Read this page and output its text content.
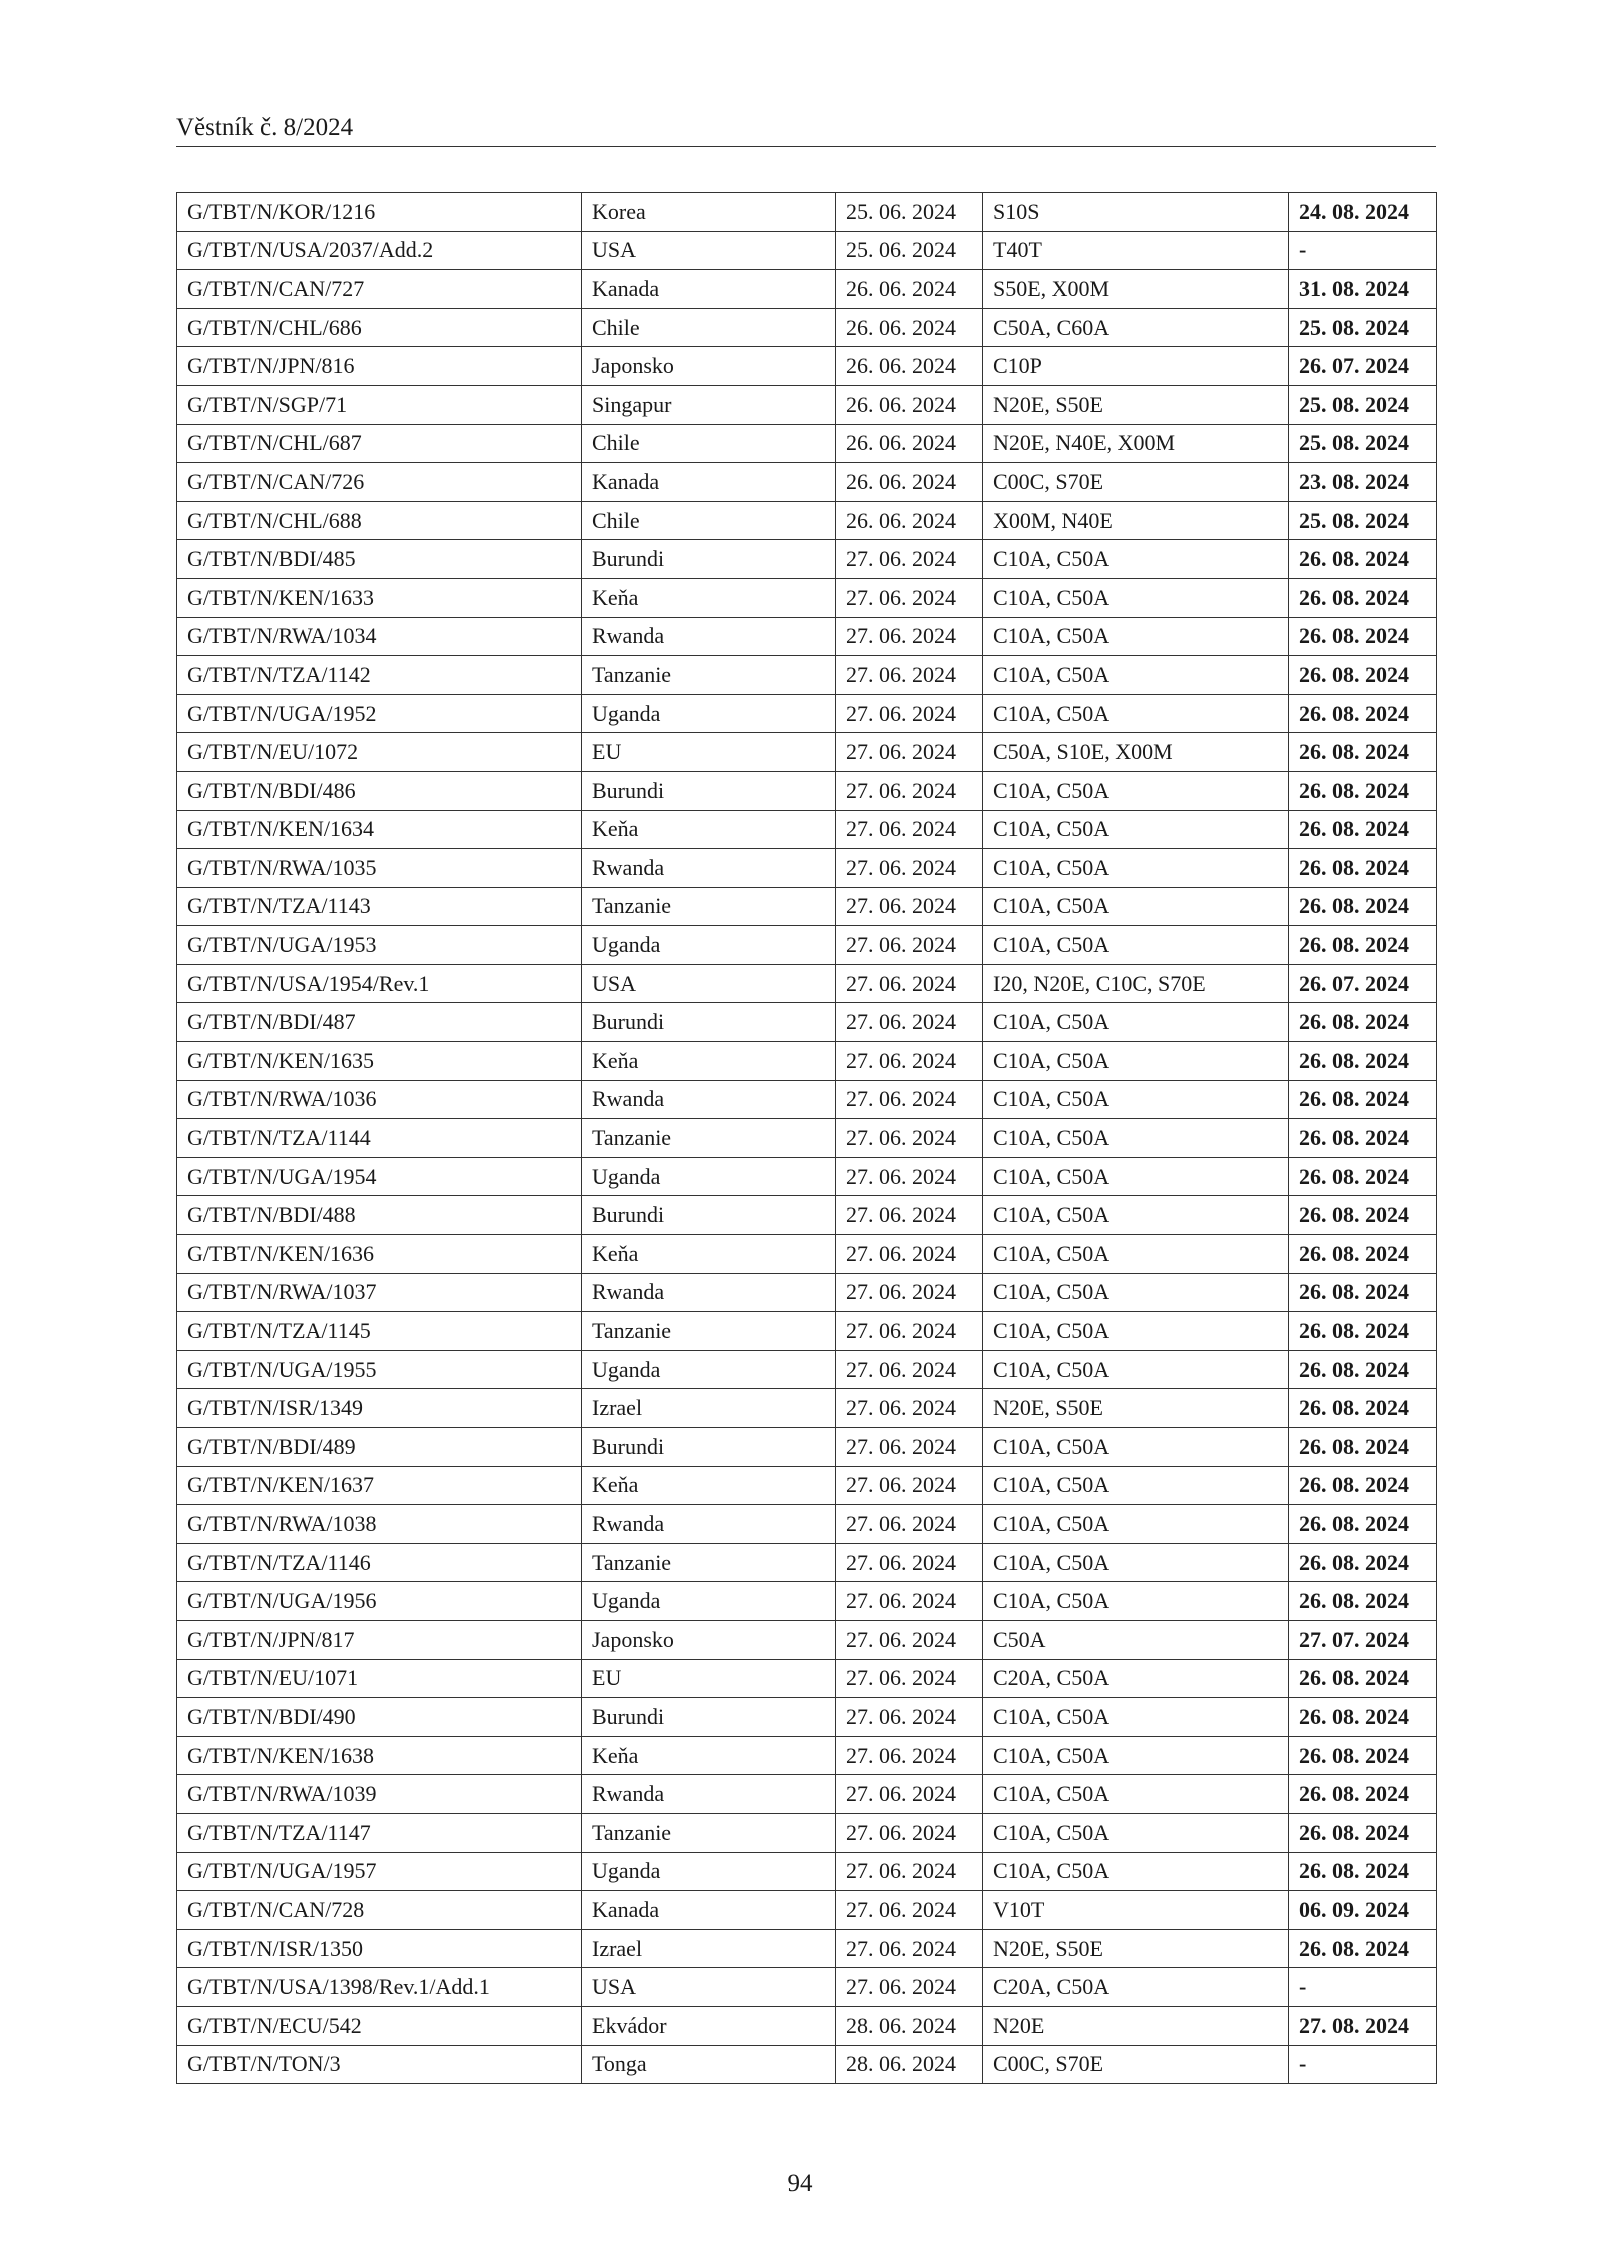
Věstník č. 8/2024
G/TBT/N/KOR/1216	Korea	25. 06. 2024	S10S	24. 08. 2024
G/TBT/N/USA/2037/Add.2	USA	25. 06. 2024	T40T	-
G/TBT/N/CAN/727	Kanada	26. 06. 2024	S50E, X00M	31. 08. 2024
G/TBT/N/CHL/686	Chile	26. 06. 2024	C50A, C60A	25. 08. 2024
G/TBT/N/JPN/816	Japonsko	26. 06. 2024	C10P	26. 07. 2024
G/TBT/N/SGP/71	Singapur	26. 06. 2024	N20E, S50E	25. 08. 2024
G/TBT/N/CHL/687	Chile	26. 06. 2024	N20E, N40E, X00M	25. 08. 2024
G/TBT/N/CAN/726	Kanada	26. 06. 2024	C00C, S70E	23. 08. 2024
G/TBT/N/CHL/688	Chile	26. 06. 2024	X00M, N40E	25. 08. 2024
G/TBT/N/BDI/485	Burundi	27. 06. 2024	C10A, C50A	26. 08. 2024
G/TBT/N/KEN/1633	Keňa	27. 06. 2024	C10A, C50A	26. 08. 2024
G/TBT/N/RWA/1034	Rwanda	27. 06. 2024	C10A, C50A	26. 08. 2024
G/TBT/N/TZA/1142	Tanzanie	27. 06. 2024	C10A, C50A	26. 08. 2024
G/TBT/N/UGA/1952	Uganda	27. 06. 2024	C10A, C50A	26. 08. 2024
G/TBT/N/EU/1072	EU	27. 06. 2024	C50A, S10E, X00M	26. 08. 2024
G/TBT/N/BDI/486	Burundi	27. 06. 2024	C10A, C50A	26. 08. 2024
G/TBT/N/KEN/1634	Keňa	27. 06. 2024	C10A, C50A	26. 08. 2024
G/TBT/N/RWA/1035	Rwanda	27. 06. 2024	C10A, C50A	26. 08. 2024
G/TBT/N/TZA/1143	Tanzanie	27. 06. 2024	C10A, C50A	26. 08. 2024
G/TBT/N/UGA/1953	Uganda	27. 06. 2024	C10A, C50A	26. 08. 2024
G/TBT/N/USA/1954/Rev.1	USA	27. 06. 2024	I20, N20E, C10C, S70E	26. 07. 2024
G/TBT/N/BDI/487	Burundi	27. 06. 2024	C10A, C50A	26. 08. 2024
G/TBT/N/KEN/1635	Keňa	27. 06. 2024	C10A, C50A	26. 08. 2024
G/TBT/N/RWA/1036	Rwanda	27. 06. 2024	C10A, C50A	26. 08. 2024
G/TBT/N/TZA/1144	Tanzanie	27. 06. 2024	C10A, C50A	26. 08. 2024
G/TBT/N/UGA/1954	Uganda	27. 06. 2024	C10A, C50A	26. 08. 2024
G/TBT/N/BDI/488	Burundi	27. 06. 2024	C10A, C50A	26. 08. 2024
G/TBT/N/KEN/1636	Keňa	27. 06. 2024	C10A, C50A	26. 08. 2024
G/TBT/N/RWA/1037	Rwanda	27. 06. 2024	C10A, C50A	26. 08. 2024
G/TBT/N/TZA/1145	Tanzanie	27. 06. 2024	C10A, C50A	26. 08. 2024
G/TBT/N/UGA/1955	Uganda	27. 06. 2024	C10A, C50A	26. 08. 2024
G/TBT/N/ISR/1349	Izrael	27. 06. 2024	N20E, S50E	26. 08. 2024
G/TBT/N/BDI/489	Burundi	27. 06. 2024	C10A, C50A	26. 08. 2024
G/TBT/N/KEN/1637	Keňa	27. 06. 2024	C10A, C50A	26. 08. 2024
G/TBT/N/RWA/1038	Rwanda	27. 06. 2024	C10A, C50A	26. 08. 2024
G/TBT/N/TZA/1146	Tanzanie	27. 06. 2024	C10A, C50A	26. 08. 2024
G/TBT/N/UGA/1956	Uganda	27. 06. 2024	C10A, C50A	26. 08. 2024
G/TBT/N/JPN/817	Japonsko	27. 06. 2024	C50A	27. 07. 2024
G/TBT/N/EU/1071	EU	27. 06. 2024	C20A, C50A	26. 08. 2024
G/TBT/N/BDI/490	Burundi	27. 06. 2024	C10A, C50A	26. 08. 2024
G/TBT/N/KEN/1638	Keňa	27. 06. 2024	C10A, C50A	26. 08. 2024
G/TBT/N/RWA/1039	Rwanda	27. 06. 2024	C10A, C50A	26. 08. 2024
G/TBT/N/TZA/1147	Tanzanie	27. 06. 2024	C10A, C50A	26. 08. 2024
G/TBT/N/UGA/1957	Uganda	27. 06. 2024	C10A, C50A	26. 08. 2024
G/TBT/N/CAN/728	Kanada	27. 06. 2024	V10T	06. 09. 2024
G/TBT/N/ISR/1350	Izrael	27. 06. 2024	N20E, S50E	26. 08. 2024
G/TBT/N/USA/1398/Rev.1/Add.1	USA	27. 06. 2024	C20A, C50A	-
G/TBT/N/ECU/542	Ekvádor	28. 06. 2024	N20E	27. 08. 2024
G/TBT/N/TON/3	Tonga	28. 06. 2024	C00C, S70E	-
94
